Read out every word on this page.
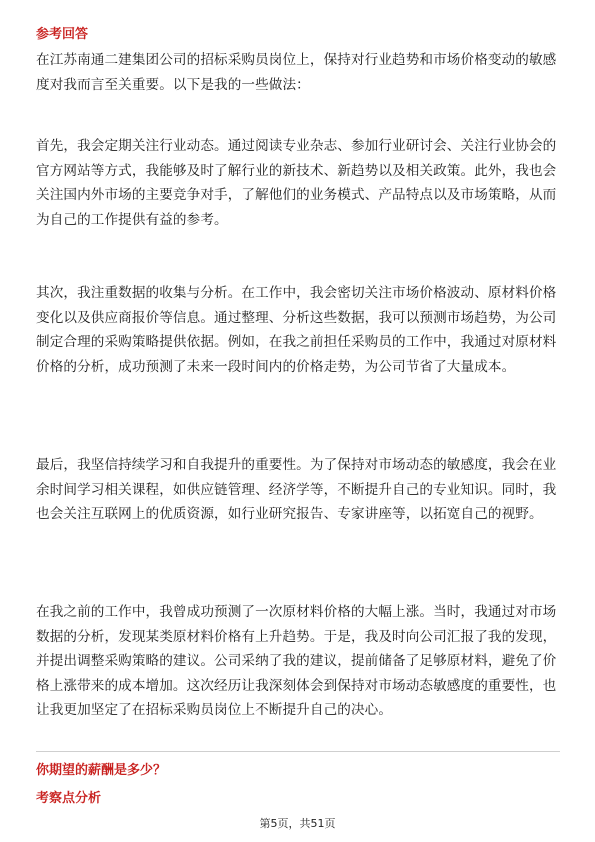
参考回答

在江苏南通二建集团公司的招标采购员岗位上，保持对行业趋势和市场价格变动的敏感度对我而言至关重要。以下是我的一些做法：

首先，我会定期关注行业动态。通过阅读专业杂志、参加行业研讨会、关注行业协会的官方网站等方式，我能够及时了解行业的新技术、新趋势以及相关政策。此外，我也会关注国内外市场的主要竞争对手，了解他们的业务模式、产品特点以及市场策略，从而为自己的工作提供有益的参考。

其次，我注重数据的收集与分析。在工作中，我会密切关注市场价格波动、原材料价格变化以及供应商报价等信息。通过整理、分析这些数据，我可以预测市场趋势，为公司制定合理的采购策略提供依据。例如，在我之前担任采购员的工作中，我通过对原材料价格的分析，成功预测了未来一段时间内的价格走势，为公司节省了大量成本。

最后，我坚信持续学习和自我提升的重要性。为了保持对市场动态的敏感度，我会在业余时间学习相关课程，如供应链管理、经济学等，不断提升自己的专业知识。同时，我也会关注互联网上的优质资源，如行业研究报告、专家讲座等，以拓宽自己的视野。

在我之前的工作中，我曾成功预测了一次原材料价格的大幅上涨。当时，我通过对市场数据的分析，发现某类原材料价格有上升趋势。于是，我及时向公司汇报了我的发现，并提出调整采购策略的建议。公司采纳了我的建议，提前储备了足够原材料，避免了价格上涨带来的成本增加。这次经历让我深刻体会到保持对市场动态敏感度的重要性，也让我更加坚定了在招标采购员岗位上不断提升自己的决心。

你期望的薪酬是多少？

考察点分析

第5页，共51页
